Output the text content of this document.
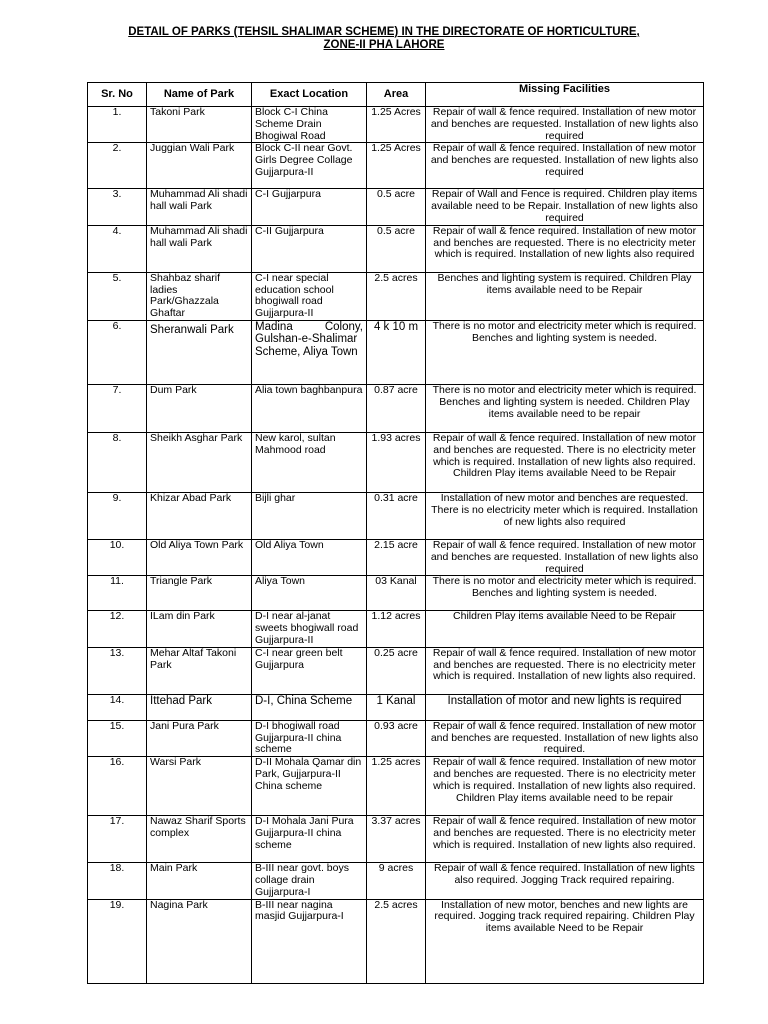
DETAIL OF PARKS (TEHSIL SHALIMAR SCHEME) IN THE DIRECTORATE OF HORTICULTURE,
ZONE-II PHA LAHORE
Sr. No	Name of Park	Exact Location	Area	Missing Facilities
1.	Takoni Park	Block C-I China Scheme Drain Bhogiwal Road	1.25 Acres	Repair of wall & fence required. Installation of new motor and benches are requested. Installation of new lights also required
2.	Juggian Wali Park	Block C-II near Govt. Girls Degree Collage Gujjarpura-II	1.25 Acres	Repair of wall & fence required. Installation of new motor and benches are requested. Installation of new lights also required
3.	Muhammad Ali shadi hall wali Park	C-I Gujjarpura	0.5 acre	Repair of Wall and Fence is required. Children play items available need to be Repair. Installation of new lights also required
4.	Muhammad Ali shadi hall wali Park	C-II Gujjarpura	0.5 acre	Repair of wall & fence required. Installation of new motor and benches are requested. There is no electricity meter which is required. Installation of new lights also required
5.	Shahbaz sharif ladies Park/Ghazzala Ghaftar	C-I near special education school bhogiwall road Gujjarpura-II	2.5 acres	Benches and lighting system is required. Children Play items available need to be Repair
6.	Sheranwali Park	Madina Colony, Gulshan-e-Shalimar Scheme, Aliya Town	4 k 10 m	There is no motor and electricity meter which is required. Benches and lighting system is needed.
7.	Dum Park	Alia town baghbanpura	0.87 acre	There is no motor and electricity meter which is required. Benches and lighting system is needed. Children Play items available need to be repair
8.	Sheikh Asghar Park	New karol, sultan Mahmood road	1.93 acres	Repair of wall & fence required. Installation of new motor and benches are requested. There is no electricity meter which is required. Installation of new lights also required. Children Play items available Need to be Repair
9.	Khizar Abad Park	Bijli ghar	0.31 acre	Installation of new motor and benches are requested. There is no electricity meter which is required. Installation of new lights also required
10.	Old Aliya Town Park	Old Aliya Town	2.15 acre	Repair of wall & fence required. Installation of new motor and benches are requested. Installation of new lights also required
11.	Triangle Park	Aliya Town	03 Kanal	There is no motor and electricity meter which is required. Benches and lighting system is needed.
12.	ILam din Park	D-I near al-janat sweets bhogiwall road Gujjarpura-II	1.12 acres	Children Play items available Need to be Repair
13.	Mehar Altaf Takoni Park	C-I near green belt Gujjarpura	0.25 acre	Repair of wall & fence required. Installation of new motor and benches are requested. There is no electricity meter which is required. Installation of new lights also required.
14.	Ittehad Park	D-I, China Scheme	1 Kanal	Installation of motor and new lights is required
15.	Jani Pura Park	D-I bhogiwall road Gujjarpura-II china scheme	0.93 acre	Repair of wall & fence required. Installation of new motor and benches are requested. Installation of new lights also required.
16.	Warsi Park	D-II Mohala Qamar din Park, Gujjarpura-II China scheme	1.25 acres	Repair of wall & fence required. Installation of new motor and benches are requested. There is no electricity meter which is required. Installation of new lights also required. Children Play items available need to be repair
17.	Nawaz Sharif Sports complex	D-I Mohala Jani Pura Gujjarpura-II china scheme	3.37 acres	Repair of wall & fence required. Installation of new motor and benches are requested. There is no electricity meter which is required. Installation of new lights also required.
18.	Main Park	B-III near govt. boys collage drain Gujjarpura-I	9 acres	Repair of wall & fence required. Installation of new lights also required. Jogging Track required repairing.
19.	Nagina Park	B-III near nagina masjid Gujjarpura-I	2.5 acres	Installation of new motor, benches and new lights are required. Jogging track required repairing. Children Play items available Need to be Repair
